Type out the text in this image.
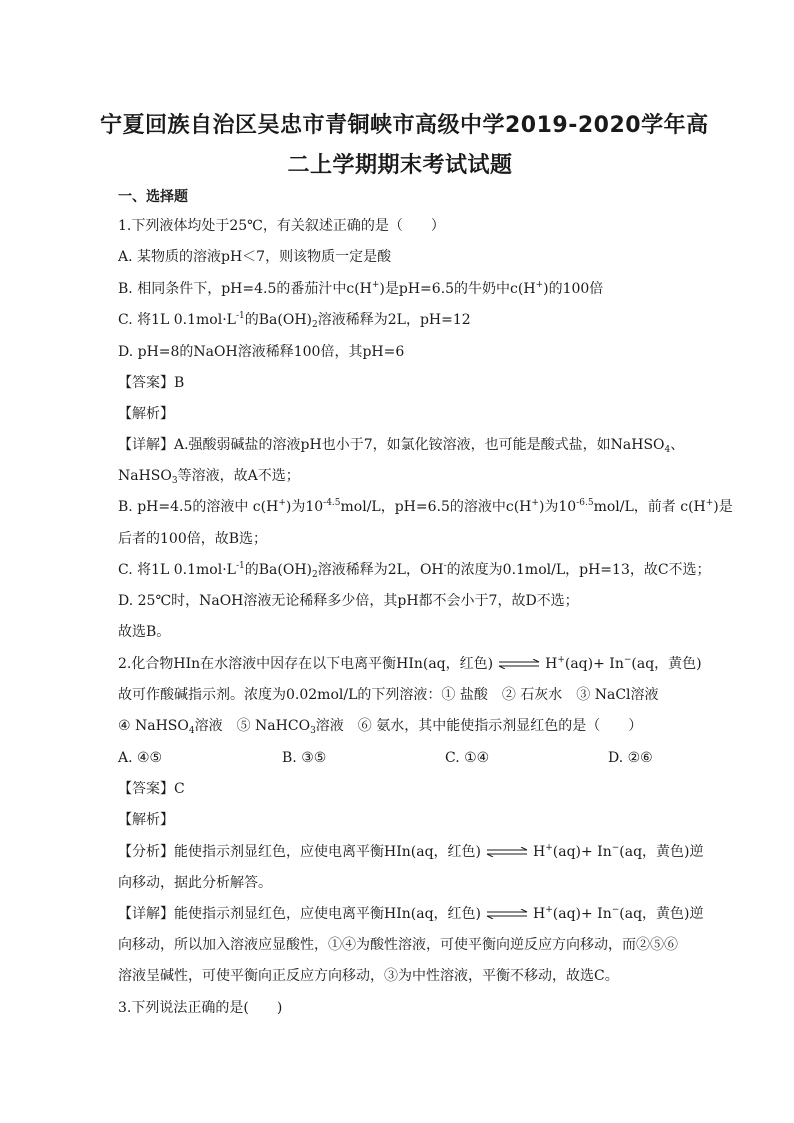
宁夏回族自治区吴忠市青铜峡市高级中学2019-2020学年高
二上学期期末考试试题
一、选择题
1.下列液体均处于25℃，有关叙述正确的是（　　）
A. 某物质的溶液pH＜7，则该物质一定是酸
B. 相同条件下，pH=4.5的番茄汁中c(H+)是pH=6.5的牛奶中c(H+)的100倍
C. 将1L $0.1mol\cdot L^{-1}$的$Ba(OH)_2$溶液稀释为2L，pH=12
D. pH=8的NaOH溶液稀释100倍，其pH=6
【答案】B
【解析】
【详解】A.强酸弱碱盐的溶液pH也小于7，如氯化铵溶液，也可能是酸式盐，如NaHSO$_4$、
NaHSO$_3$等溶液，故A不选；
B. pH=4.5的溶液中 c(H+)为$10^{-4.5}mol/L$，pH=6.5的溶液中c(H+)为$10^{-6.5}mol/L$，前者 c(H+)是
后者的100倍，故B选；
C. 将1L $0.1mol\cdot L^{-1}$的$Ba(OH)_2$溶液稀释为2L，OH-的浓度为0.1mol/L，pH=13，故C不选；
D. 25℃时，NaOH溶液无论稀释多少倍，其pH都不会小于7，故D不选；
故选B。
2.化合物HIn在水溶液中因存在以下电离平衡HIn(aq，红色) ⇌ H+(aq)+ In−(aq，黄色)
故可作酸碱指示剂。浓度为0.02mol/L的下列溶液：① 盐酸　② 石灰水　③ NaCl溶液
④ NaHSO$_4$溶液　⑤ NaHCO$_3$溶液　⑥ 氨水，其中能使指示剂显红色的是（　　）
A. ④⑤	B. ③⑤	C. ①④	D. ②⑥
【答案】C
【解析】
【分析】能使指示剂显红色，应使电离平衡HIn(aq，红色) ⇌ H+(aq)+ In−(aq，黄色)逆
向移动，据此分析解答。
【详解】能使指示剂显红色，应使电离平衡HIn(aq，红色) ⇌ H+(aq)+ In−(aq，黄色)逆
向移动，所以加入溶液应显酸性，①④为酸性溶液，可使平衡向逆反应方向移动，而②⑤⑥
溶液呈碱性，可使平衡向正反应方向移动，③为中性溶液，平衡不移动，故选C。
3.下列说法正确的是(　　)
